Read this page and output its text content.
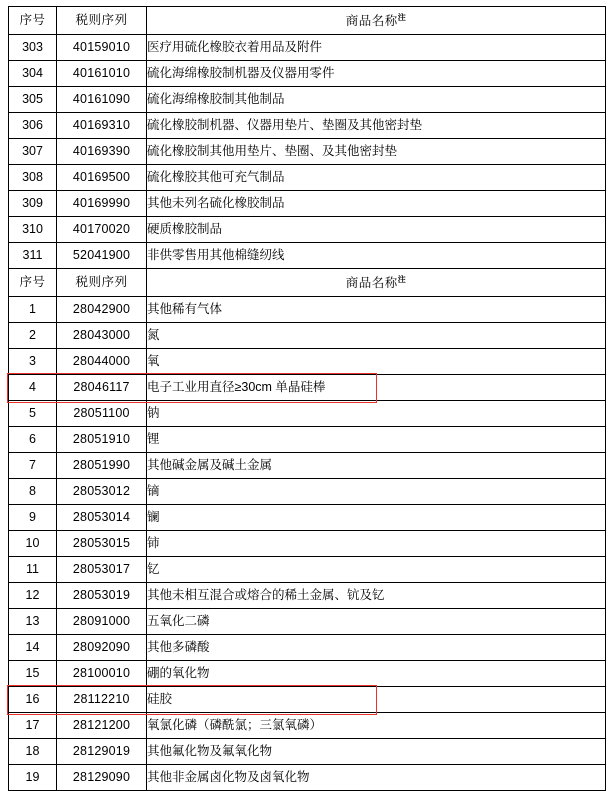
序号	税则序列	商品名称$^注$
303	40159010	医疗用硫化橡胶衣着用品及附件
304	40161010	硫化海绵橡胶制机器及仪器用零件
305	40161090	硫化海绵橡胶制其他制品
306	40169310	硫化橡胶制机器、仪器用垫片、垫圈及其他密封垫
307	40169390	硫化橡胶制其他用垫片、垫圈、及其他密封垫
308	40169500	硫化橡胶其他可充气制品
309	40169990	其他未列名硫化橡胶制品
310	40170020	硬质橡胶制品
311	52041900	非供零售用其他棉缝纫线
序号	税则序列	商品名称$^注$
1	28042900	其他稀有气体
2	28043000	氮
3	28044000	氧
4	28046117	电子工业用直径≥30cm 单晶硅棒
5	28051100	钠
6	28051910	锂
7	28051990	其他碱金属及碱土金属
8	28053012	镝
9	28053014	镧
10	28053015	铈
11	28053017	钇
12	28053019	其他未相互混合或熔合的稀土金属、钪及钇
13	28091000	五氧化二磷
14	28092090	其他多磷酸
15	28100010	硼的氧化物
16	28112210	硅胶
17	28121200	氧氯化磷（磷酰氯；三氯氧磷）
18	28129019	其他氟化物及氟氧化物
19	28129090	其他非金属卤化物及卤氧化物
